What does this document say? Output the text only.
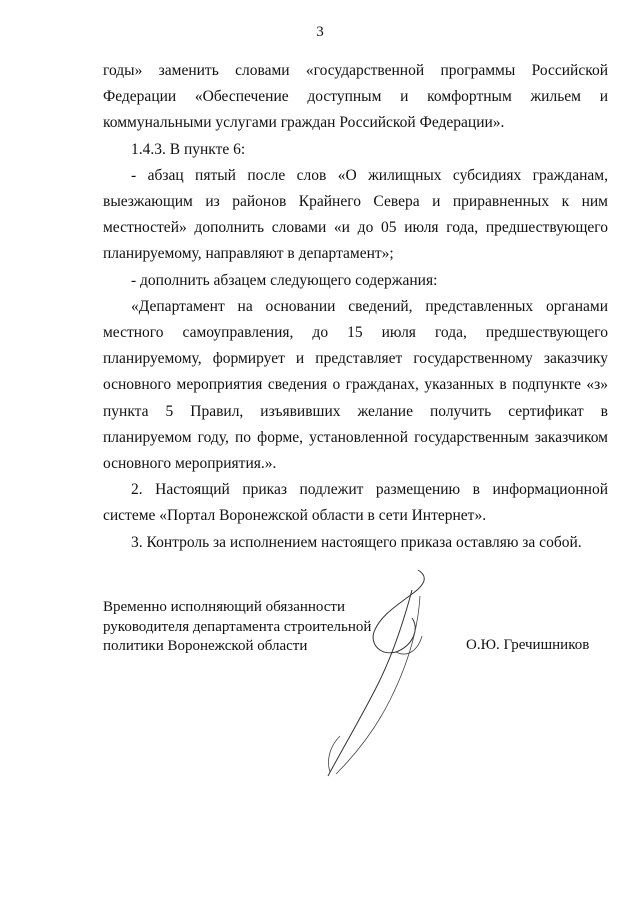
3

годы» заменить словами «государственной программы Российской Федерации «Обеспечение доступным и комфортным жильем и коммунальными услугами граждан Российской Федерации».

1.4.3. В пункте 6:

- абзац пятый после слов «О жилищных субсидиях гражданам, выезжающим из районов Крайнего Севера и приравненных к ним местностей» дополнить словами «и до 05 июля года, предшествующего планируемому, направляют в департамент»;

- дополнить абзацем следующего содержания:

«Департамент на основании сведений, представленных органами местного самоуправления, до 15 июля года, предшествующего планируемому, формирует и представляет государственному заказчику основного мероприятия сведения о гражданах, указанных в подпункте «з» пункта 5 Правил, изъявивших желание получить сертификат в планируемом году, по форме, установленной государственным заказчиком основного мероприятия.».

2. Настоящий приказ подлежит размещению в информационной системе «Портал Воронежской области в сети Интернет».

3. Контроль за исполнением настоящего приказа оставляю за собой.

Временно исполняющий обязанности
руководителя департамента строительной
политики Воронежской области	О.Ю. Гречишников
